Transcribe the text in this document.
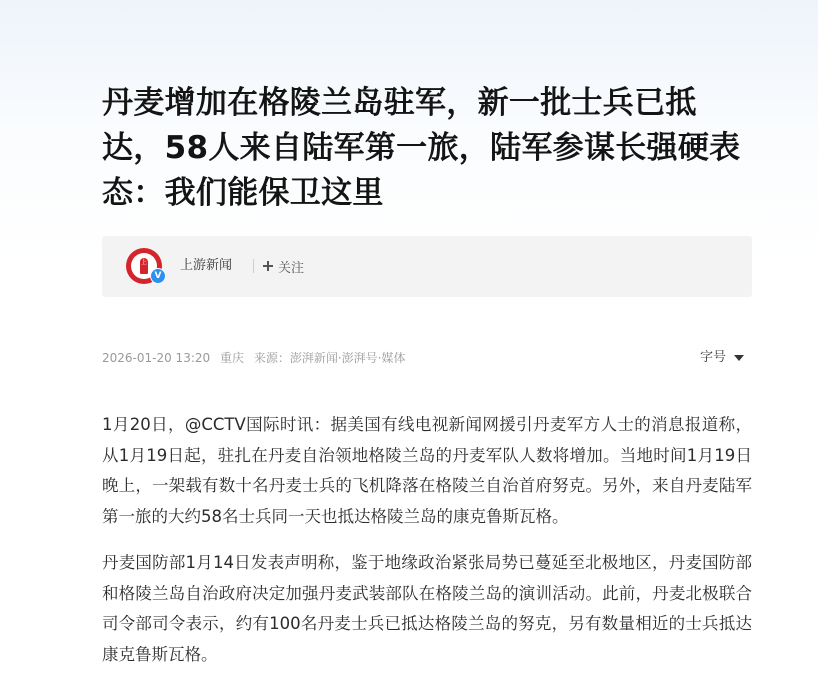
丹麦增加在格陵兰岛驻军，新一批士兵已抵达，58人来自陆军第一旅，陆军参谋长强硬表态：我们能保卫这里
上
V
上游新闻	关注
2026-01-20 13:20 重庆 来源：澎湃新闻·澎湃号·媒体	字号

1月20日，@CCTV国际时讯：据美国有线电视新闻网援引丹麦军方人士的消息报道称，从1月19日起，驻扎在丹麦自治领地格陵兰岛的丹麦军队人数将增加。当地时间1月19日晚上，一架载有数十名丹麦士兵的飞机降落在格陵兰自治首府努克。另外，来自丹麦陆军第一旅的大约58名士兵同一天也抵达格陵兰岛的康克鲁斯瓦格。

丹麦国防部1月14日发表声明称，鉴于地缘政治紧张局势已蔓延至北极地区，丹麦国防部和格陵兰岛自治政府决定加强丹麦武装部队在格陵兰岛的演训活动。此前，丹麦北极联合司令部司令表示，约有100名丹麦士兵已抵达格陵兰岛的努克，另有数量相近的士兵抵达康克鲁斯瓦格。
